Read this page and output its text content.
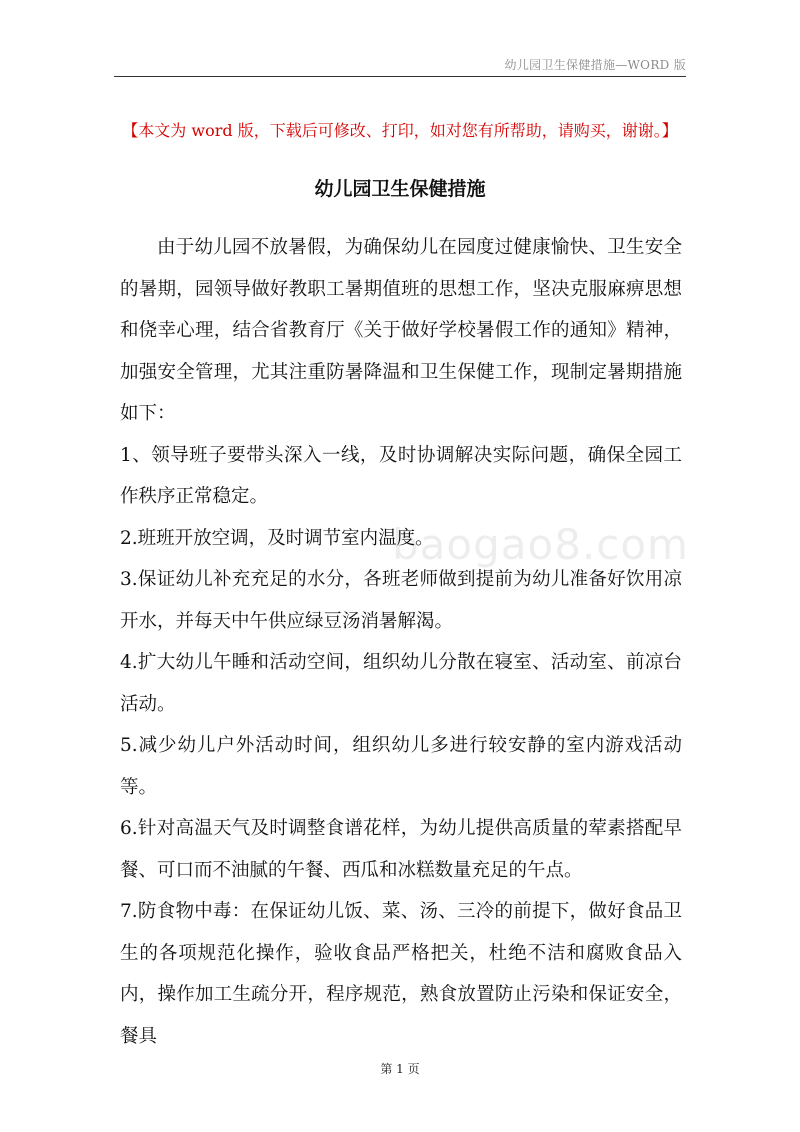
幼儿园卫生保健措施—WORD 版
【本文为 word 版，下载后可修改、打印，如对您有所帮助，请购买，谢谢。】
幼儿园卫生保健措施

由于幼儿园不放暑假，为确保幼儿在园度过健康愉快、卫生安全的暑期，园领导做好教职工暑期值班的思想工作，坚决克服麻痹思想和侥幸心理，结合省教育厅《关于做好学校暑假工作的通知》精神，加强安全管理，尤其注重防暑降温和卫生保健工作，现制定暑期措施如下：

1、领导班子要带头深入一线，及时协调解决实际问题，确保全园工作秩序正常稳定。

2.班班开放空调，及时调节室内温度。

3.保证幼儿补充充足的水分，各班老师做到提前为幼儿准备好饮用凉开水，并每天中午供应绿豆汤消暑解渴。

4.扩大幼儿午睡和活动空间，组织幼儿分散在寝室、活动室、前凉台活动。

5.减少幼儿户外活动时间，组织幼儿多进行较安静的室内游戏活动等。

6.针对高温天气及时调整食谱花样，为幼儿提供高质量的荤素搭配早餐、可口而不油腻的午餐、西瓜和冰糕数量充足的午点。

7.防食物中毒：在保证幼儿饭、菜、汤、三冷的前提下，做好食品卫生的各项规范化操作，验收食品严格把关，杜绝不洁和腐败食品入内，操作加工生疏分开，程序规范，熟食放置防止污染和保证安全，餐具

baogao8.com
第 1 页
